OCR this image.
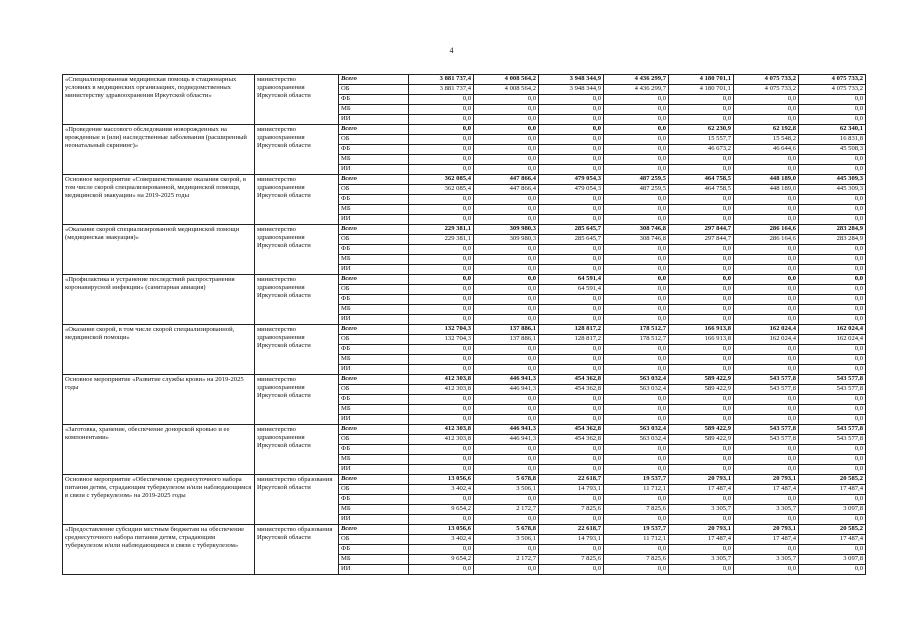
4
«Специализированная медицинская помощь в стационарных условиях в медицинских организациях, подведомственных министерству здравоохранения Иркутской области»	министерство здравоохранения Иркутской области	Всего	3 881 737,4	4 008 564,2	3 948 344,9	4 436 299,7	4 180 701,1	4 075 733,2	4 075 733,2
		ОБ	3 881 737,4	4 008 564,2	3 948 344,9	4 436 299,7	4 180 701,1	4 075 733,2	4 075 733,2
		ФБ	0,0	0,0	0,0	0,0	0,0	0,0	0,0
		МБ	0,0	0,0	0,0	0,0	0,0	0,0	0,0
		ИИ	0,0	0,0	0,0	0,0	0,0	0,0	0,0
«Проведение массового обследования новорожденных на врожденные и (или) наследственные заболевания (расширенный неонатальный скрининг)»	министерство здравоохранения Иркутской области	Всего	0,0	0,0	0,0	0,0	62 230,9	62 192,8	62 340,1
		ОБ	0,0	0,0	0,0	0,0	15 557,7	15 548,2	16 831,8
		ФБ	0,0	0,0	0,0	0,0	46 673,2	46 644,6	45 508,3
		МБ	0,0	0,0	0,0	0,0	0,0	0,0	0,0
		ИИ	0,0	0,0	0,0	0,0	0,0	0,0	0,0
Основное мероприятие «Совершенствование оказания скорой, в том числе скорой специализированной, медицинской помощи, медицинской эвакуации» на 2019-2025 годы	министерство здравоохранения Иркутской области	Всего	362 085,4	447 866,4	479 054,3	487 259,5	464 758,5	448 189,0	445 309,3
		ОБ	362 085,4	447 866,4	479 054,3	487 259,5	464 758,5	448 189,0	445 309,3
		ФБ	0,0	0,0	0,0	0,0	0,0	0,0	0,0
		МБ	0,0	0,0	0,0	0,0	0,0	0,0	0,0
		ИИ	0,0	0,0	0,0	0,0	0,0	0,0	0,0
«Оказание скорой специализированной медицинской помощи (медицинская эвакуация)»	министерство здравоохранения Иркутской области	Всего	229 381,1	309 980,3	285 645,7	308 746,8	297 844,7	286 164,6	283 284,9
		ОБ	229 381,1	309 980,3	285 645,7	308 746,8	297 844,7	286 164,6	283 284,9
		ФБ	0,0	0,0	0,0	0,0	0,0	0,0	0,0
		МБ	0,0	0,0	0,0	0,0	0,0	0,0	0,0
		ИИ	0,0	0,0	0,0	0,0	0,0	0,0	0,0
«Профилактика и устранение последствий распространения коронавирусной инфекции» (санитарная авиация)	министерство здравоохранения Иркутской области	Всего	0,0	0,0	64 591,4	0,0	0,0	0,0	0,0
		ОБ	0,0	0,0	64 591,4	0,0	0,0	0,0	0,0
		ФБ	0,0	0,0	0,0	0,0	0,0	0,0	0,0
		МБ	0,0	0,0	0,0	0,0	0,0	0,0	0,0
		ИИ	0,0	0,0	0,0	0,0	0,0	0,0	0,0
«Оказание скорой, в том числе скорой специализированной, медицинской помощи»	министерство здравоохранения Иркутской области	Всего	132 704,3	137 886,1	128 817,2	178 512,7	166 913,8	162 024,4	162 024,4
		ОБ	132 704,3	137 886,1	128 817,2	178 512,7	166 913,8	162 024,4	162 024,4
		ФБ	0,0	0,0	0,0	0,0	0,0	0,0	0,0
		МБ	0,0	0,0	0,0	0,0	0,0	0,0	0,0
		ИИ	0,0	0,0	0,0	0,0	0,0	0,0	0,0
Основное мероприятие «Развитие службы крови» на 2019-2025 годы	министерство здравоохранения Иркутской области	Всего	412 303,8	446 941,3	454 362,8	563 032,4	589 422,9	543 577,8	543 577,8
		ОБ	412 303,8	446 941,3	454 362,8	563 032,4	589 422,9	543 577,8	543 577,8
		ФБ	0,0	0,0	0,0	0,0	0,0	0,0	0,0
		МБ	0,0	0,0	0,0	0,0	0,0	0,0	0,0
		ИИ	0,0	0,0	0,0	0,0	0,0	0,0	0,0
«Заготовка, хранение, обеспечение донорской кровью и ее компонентами»	министерство здравоохранения Иркутской области	Всего	412 303,8	446 941,3	454 362,8	563 032,4	589 422,9	543 577,8	543 577,8
		ОБ	412 303,8	446 941,3	454 362,8	563 032,4	589 422,9	543 577,8	543 577,8
		ФБ	0,0	0,0	0,0	0,0	0,0	0,0	0,0
		МБ	0,0	0,0	0,0	0,0	0,0	0,0	0,0
		ИИ	0,0	0,0	0,0	0,0	0,0	0,0	0,0
Основное мероприятие «Обеспечение среднесуточного набора питания детям, страдающим туберкулезом и/или наблюдающимся в связи с туберкулезом» на 2019-2025 годы	министерство образования Иркутской области	Всего	13 056,6	5 678,8	22 618,7	19 537,7	20 793,1	20 793,1	20 585,2
		ОБ	3 402,4	3 506,1	14 793,1	11 712,1	17 487,4	17 487,4	17 487,4
		ФБ	0,0	0,0	0,0	0,0	0,0	0,0	0,0
		МБ	9 654,2	2 172,7	7 825,6	7 825,6	3 305,7	3 305,7	3 097,8
		ИИ	0,0	0,0	0,0	0,0	0,0	0,0	0,0
«Предоставление субсидии местным бюджетам на обеспечение среднесуточного набора питания детям, страдающим туберкулезом и/или наблюдающимся в связи с туберкулезом»	министерство образования Иркутской области	Всего	13 056,6	5 678,8	22 618,7	19 537,7	20 793,1	20 793,1	20 585,2
		ОБ	3 402,4	3 506,1	14 793,1	11 712,1	17 487,4	17 487,4	17 487,4
		ФБ	0,0	0,0	0,0	0,0	0,0	0,0	0,0
		МБ	9 654,2	2 172,7	7 825,6	7 825,6	3 305,7	3 305,7	3 097,8
		ИИ	0,0	0,0	0,0	0,0	0,0	0,0	0,0
